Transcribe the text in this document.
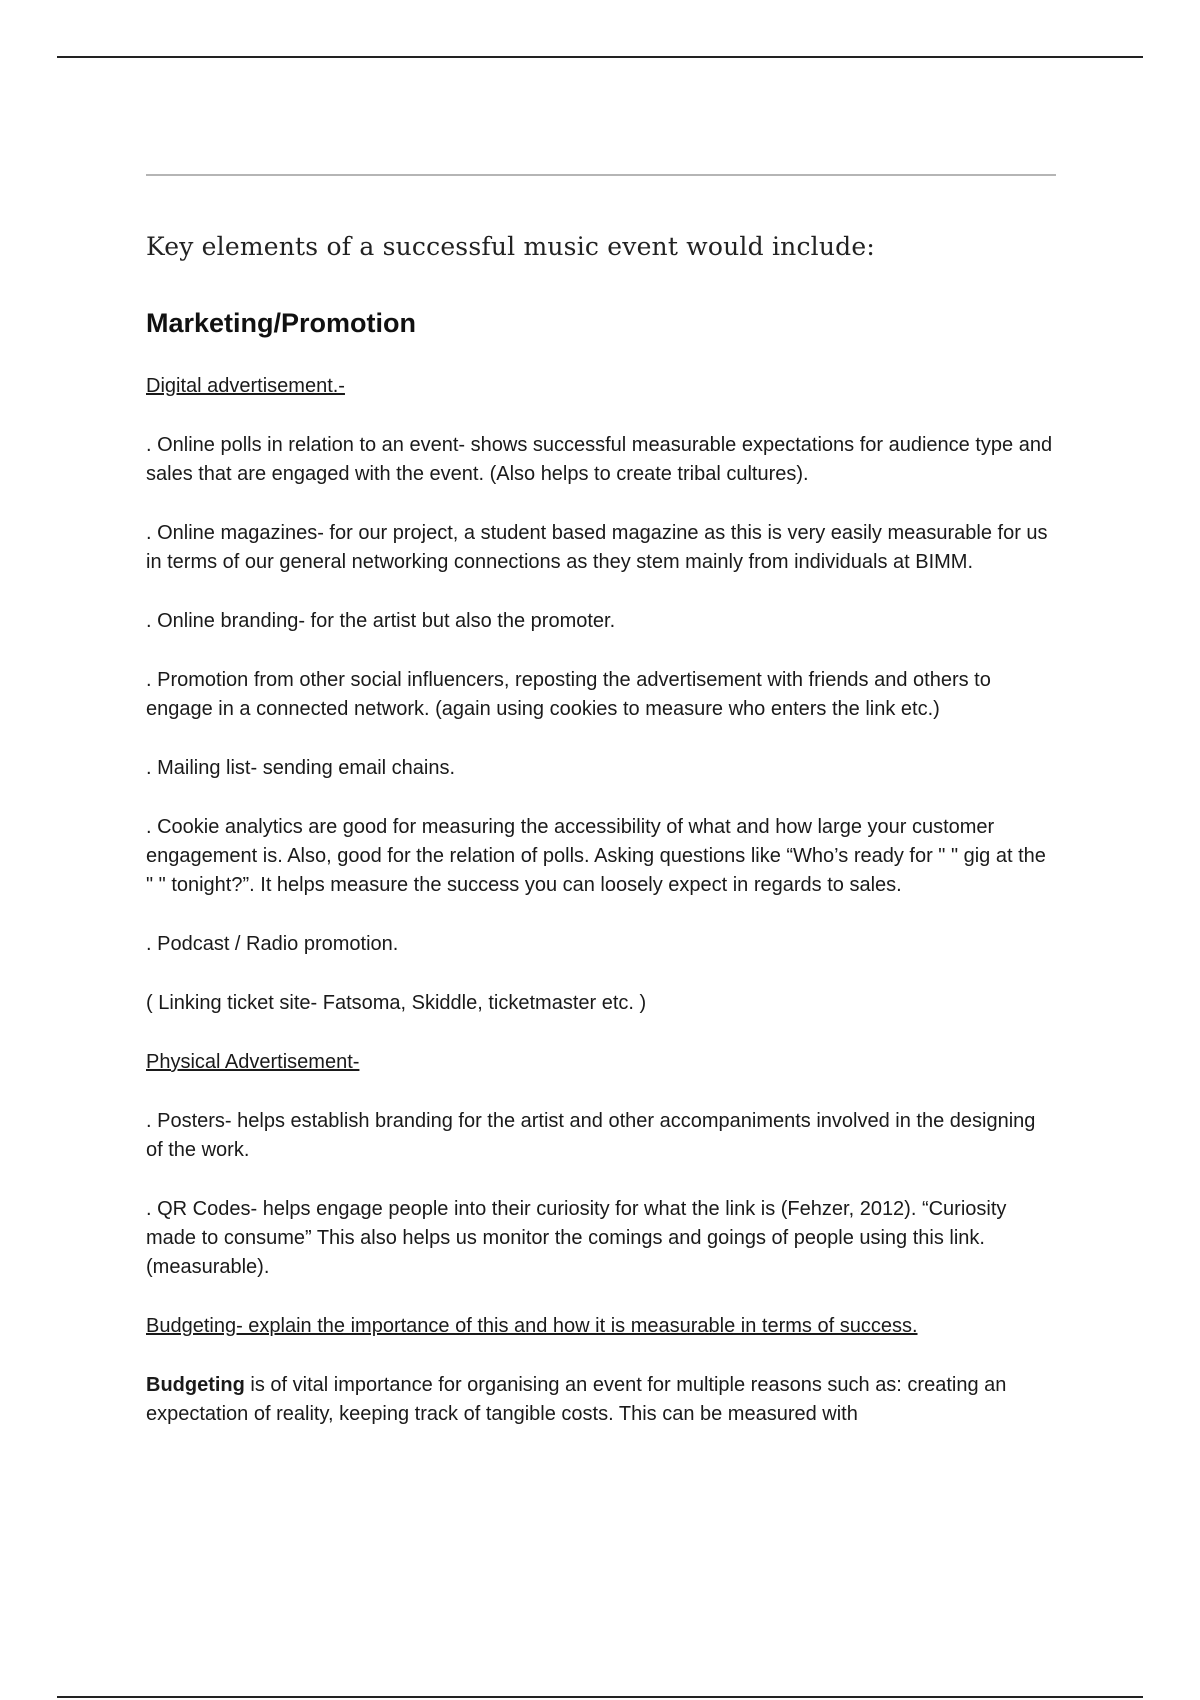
Key elements of a successful music event would include:
Marketing/Promotion

Digital advertisement.-

. Online polls in relation to an event- shows successful measurable expectations for audience type and sales that are engaged with the event. (Also helps to create tribal cultures).

. Online magazines- for our project, a student based magazine as this is very easily measurable for us in terms of our general networking connections as they stem mainly from individuals at BIMM.

. Online branding- for the artist but also the promoter.

. Promotion from other social influencers, reposting the advertisement with friends and others to engage in a connected network. (again using cookies to measure who enters the link etc.)

. Mailing list- sending email chains.

. Cookie analytics are good for measuring the accessibility of what and how large your customer engagement is. Also, good for the relation of polls. Asking questions like “Who’s ready for " " gig at the " " tonight?”. It helps measure the success you can loosely expect in regards to sales.

. Podcast / Radio promotion.

( Linking ticket site- Fatsoma, Skiddle, ticketmaster etc. )

Physical Advertisement-

. Posters- helps establish branding for the artist and other accompaniments involved in the designing of the work.

. QR Codes- helps engage people into their curiosity for what the link is (Fehzer, 2012). “Curiosity made to consume” This also helps us monitor the comings and goings of people using this link. (measurable).

Budgeting- explain the importance of this and how it is measurable in terms of success.

Budgeting is of vital importance for organising an event for multiple reasons such as: creating an expectation of reality, keeping track of tangible costs. This can be measured with
